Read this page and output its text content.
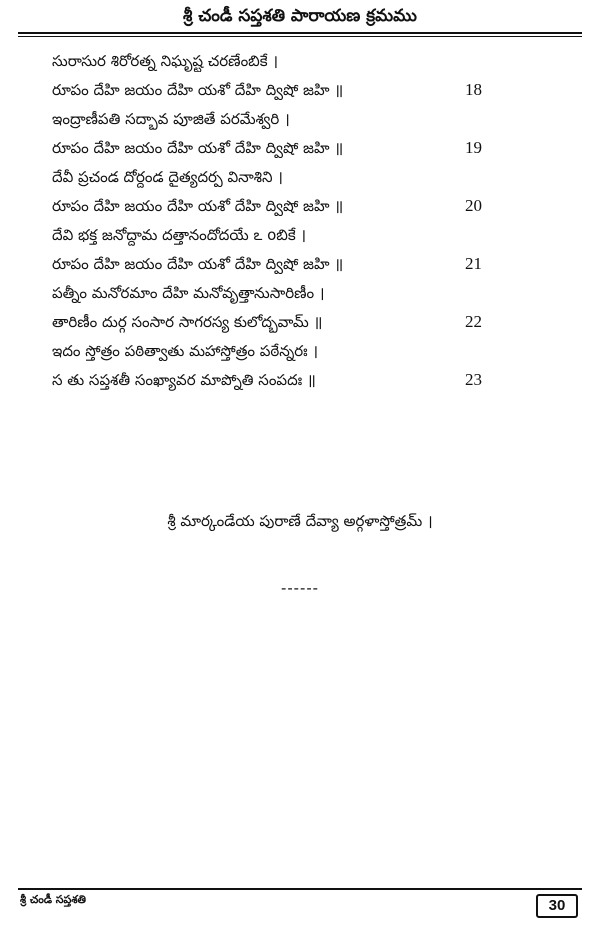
శ్రీ చండీ సప్తశతి పారాయణ క్రమము
సురాసుర శిరోరత్న నిఘృష్ట చరణేంబికే ।
రూపం దేహి జయం దేహి యశో దేహి ద్విషో జహి ॥	18
ఇంద్రాణీపతి సద్భావ పూజితే పరమేశ్వరి ।
రూపం దేహి జయం దేహి యశో దేహి ద్విషో జహి ॥	19
దేవీ ప్రచండ దోర్దండ దైత్యదర్ప వినాశిని ।
రూపం దేహి జయం దేహి యశో దేహి ద్విషో జహి ॥	20
దేవి భక్త జనోద్దామ దత్తానందోదయే ఽ oబికే ।
రూపం దేహి జయం దేహి యశో దేహి ద్విషో జహి ॥	21
పత్నీం మనోరమాం దేహి మనోవృత్తానుసారిణీం ।
తారిణీం దుర్గ సంసార సాగరస్య కులోద్భవామ్ ॥	22
ఇదం స్తోత్రం పఠిత్వాతు మహాస్తోత్రం పఠేన్నరః ।
స తు సప్తశతీ సంఖ్యావర మాప్నోతి సంపదః ॥	23
శ్రీ మార్కండేయ పురాణే దేవ్యా అర్గళాస్తోత్రమ్ ।
------
శ్రీ చండీ సప్తశతి	30
